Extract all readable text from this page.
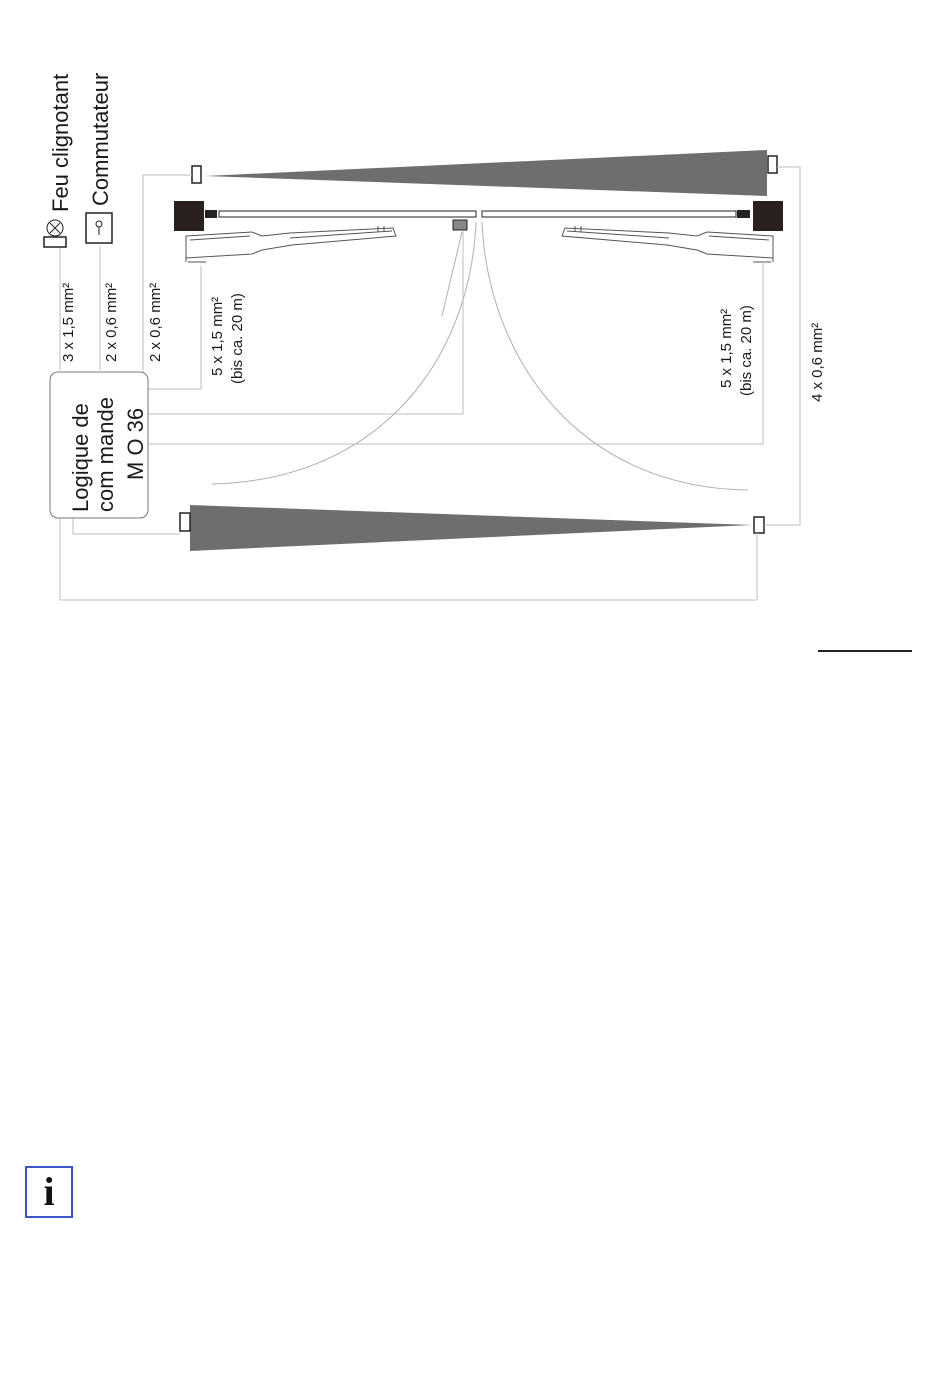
Logique de com mande M O 36
Feu clignotant Commutateur
3 x 1,5 mm² 2 x 0,6 mm² 2 x 0,6 mm²	5 x 1,5 mm² (bis ca. 20 m)	5 x 1,5 mm² (bis ca. 20 m)	4 x 0,6 mm²
i
